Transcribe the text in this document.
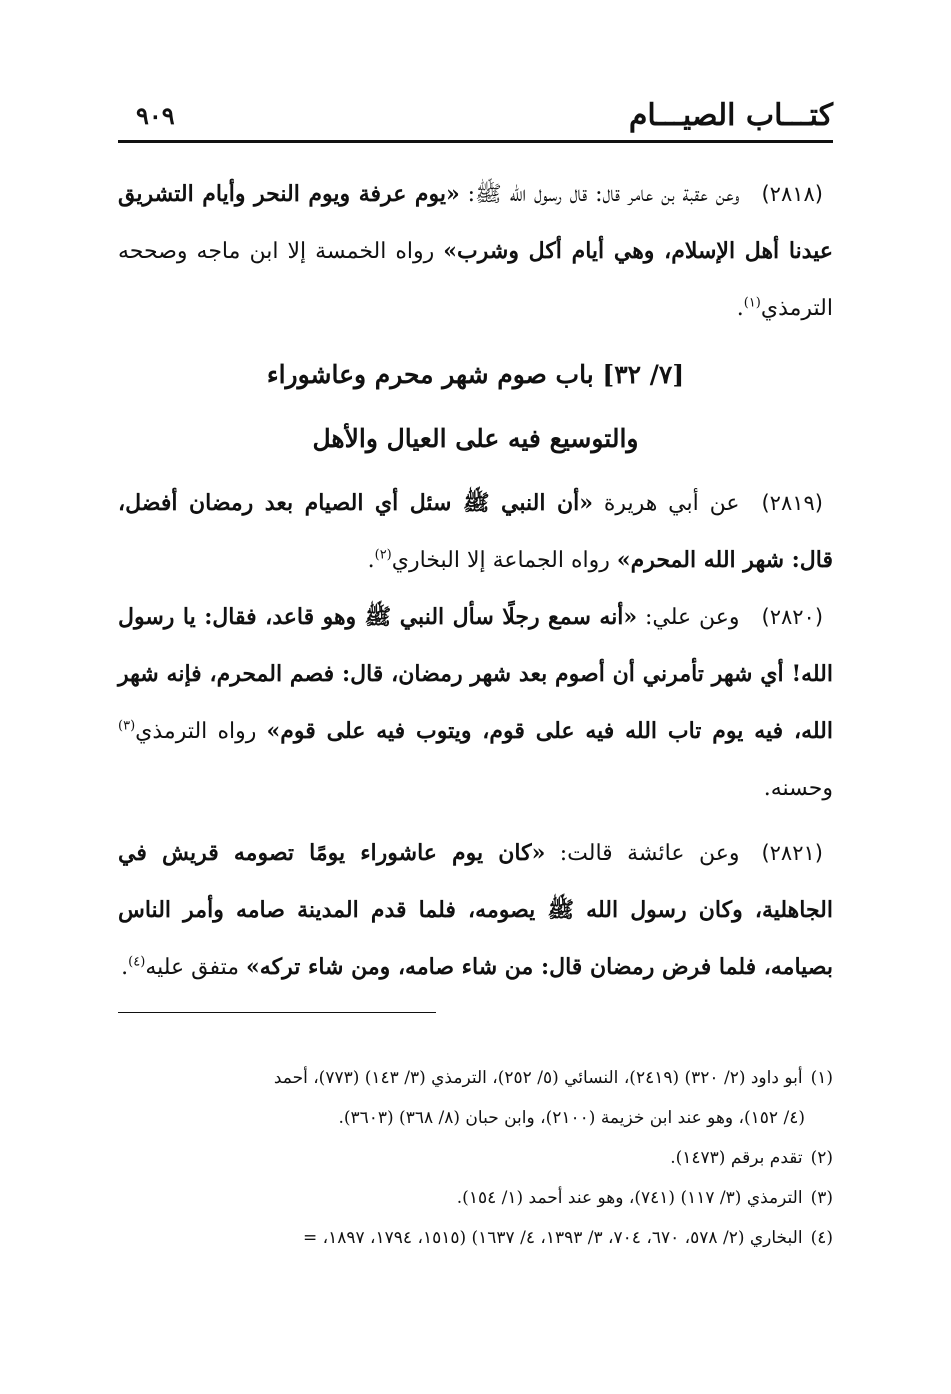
كتـــاب الصيـــام
٩٠٩

(٢٨١٨)وعن عقبة بن عامر قال: قال رسول الله ﷺ: «يوم عرفة ويوم النحر وأيام التشريق عيدنا أهل الإسلام، وهي أيام أكل وشرب» رواه الخمسة إلا ابن ماجه وصححه الترمذي$^{(١)}$.

[٧/ ٣٢] باب صوم شهر محرم وعاشوراء
والتوسيع فيه على العيال والأهل

(٢٨١٩)عن أبي هريرة «أن النبي ﷺ سئل أي الصيام بعد رمضان أفضل، قال: شهر الله المحرم» رواه الجماعة إلا البخاري$^{(٢)}$.

(٢٨٢٠)وعن علي: «أنه سمع رجلًا سأل النبي ﷺ وهو قاعد، فقال: يا رسول الله! أي شهر تأمرني أن أصوم بعد شهر رمضان، قال: فصم المحرم، فإنه شهر الله، فيه يوم تاب الله فيه على قوم، ويتوب فيه على قوم» رواه الترمذي$^{(٣)}$ وحسنه.

(٢٨٢١)وعن عائشة قالت: «كان يوم عاشوراء يومًا تصومه قريش في الجاهلية، وكان رسول الله ﷺ يصومه، فلما قدم المدينة صامه وأمر الناس بصيامه، فلما فرض رمضان قال: من شاء صامه، ومن شاء تركه» متفق عليه$^{(٤)}$.

(١)أبو داود (٢/ ٣٢٠) (٢٤١٩)، النسائي (٥/ ٢٥٢)، الترمذي (٣/ ١٤٣) (٧٧٣)، أحمد
(٤/ ١٥٢)، وهو عند ابن خزيمة (٢١٠٠)، وابن حبان (٨/ ٣٦٨) (٣٦٠٣).

(٢)تقدم برقم (١٤٧٣).

(٣)الترمذي (٣/ ١١٧) (٧٤١)، وهو عند أحمد (١/ ١٥٤).

(٤)البخاري (٢/ ٥٧٨، ٦٧٠، ٧٠٤، ٣/ ١٣٩٣، ٤/ ١٦٣٧) (١٥١٥، ١٧٩٤، ١٨٩٧، =
